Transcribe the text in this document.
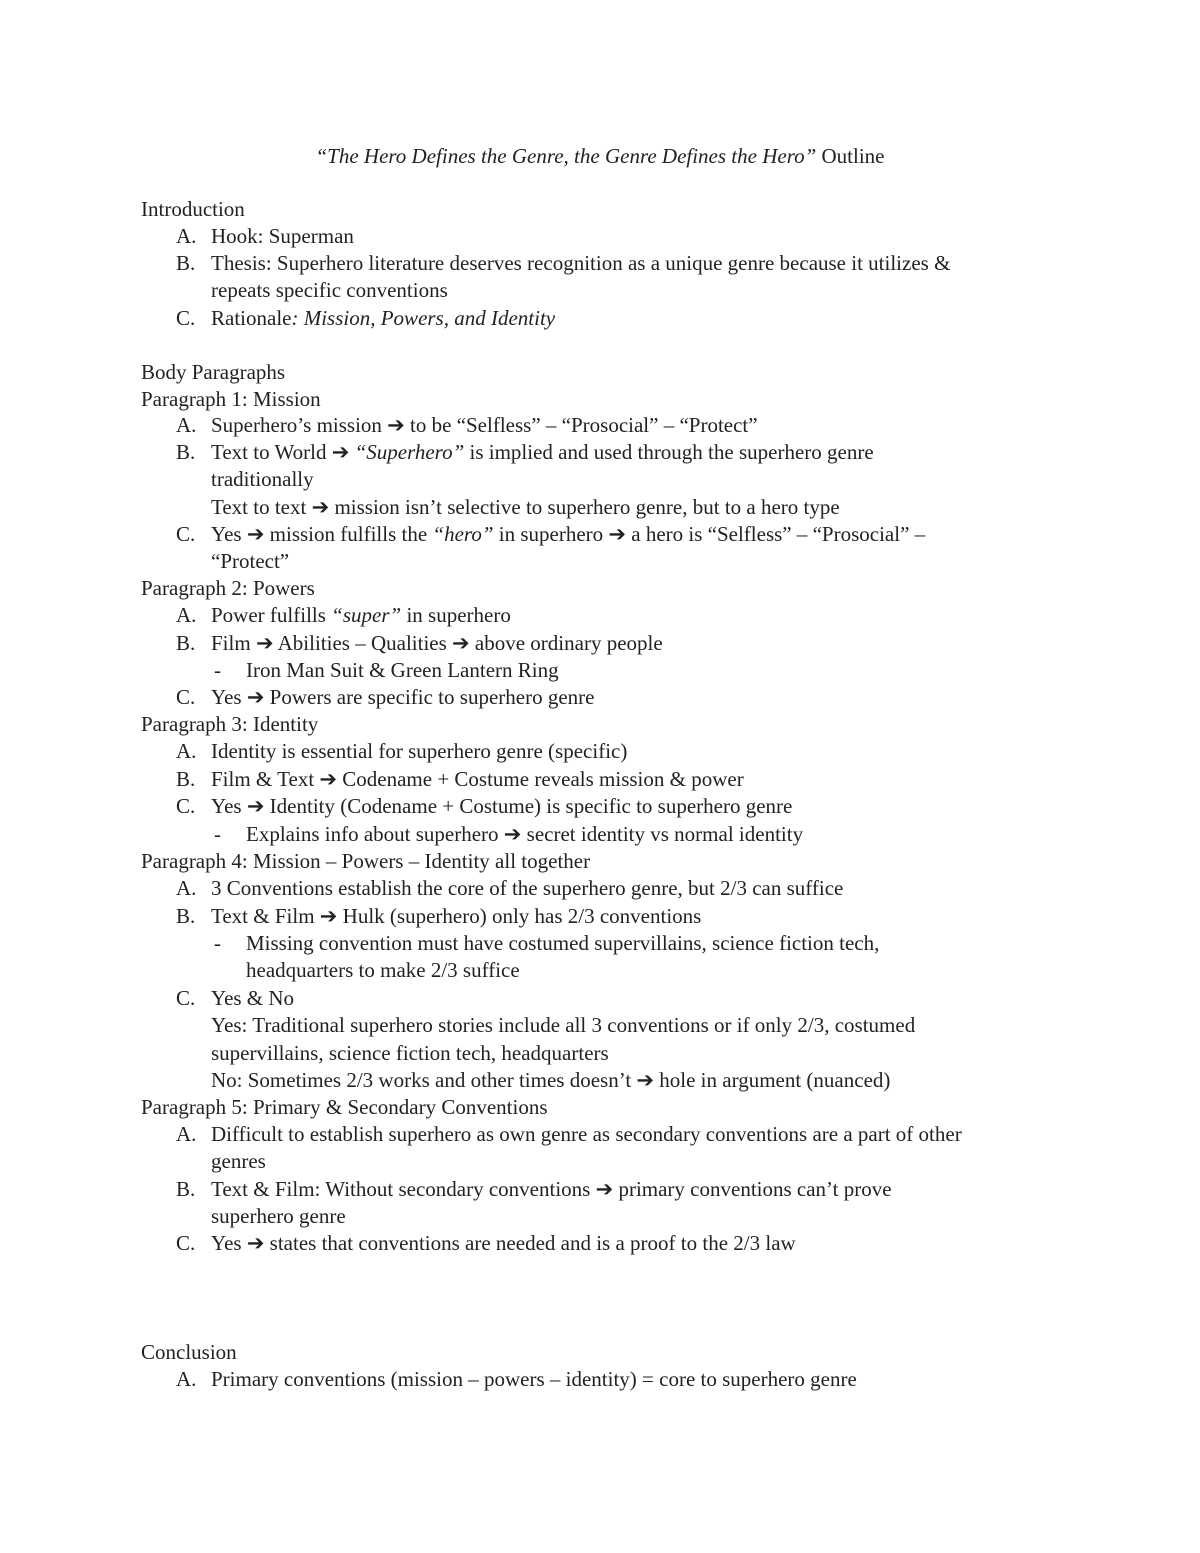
“The Hero Defines the Genre, the Genre Defines the Hero” Outline
Introduction
A. Hook: Superman
B. Thesis: Superhero literature deserves recognition as a unique genre because it utilizes &
repeats specific conventions
C. Rationale: Mission, Powers, and Identity
Body Paragraphs
Paragraph 1: Mission
A. Superhero’s mission ➔ to be “Selfless” – “Prosocial” – “Protect”
B. Text to World ➔ “Superhero” is implied and used through the superhero genre
traditionally
Text to text ➔ mission isn’t selective to superhero genre, but to a hero type
C. Yes ➔ mission fulfills the “hero” in superhero ➔ a hero is “Selfless” – “Prosocial” –
“Protect”
Paragraph 2: Powers
A. Power fulfills “super” in superhero
B. Film ➔ Abilities – Qualities ➔ above ordinary people
- Iron Man Suit & Green Lantern Ring
C. Yes ➔ Powers are specific to superhero genre
Paragraph 3: Identity
A. Identity is essential for superhero genre (specific)
B. Film & Text ➔ Codename + Costume reveals mission & power
C. Yes ➔ Identity (Codename + Costume) is specific to superhero genre
- Explains info about superhero ➔ secret identity vs normal identity
Paragraph 4: Mission – Powers – Identity all together
A. 3 Conventions establish the core of the superhero genre, but 2/3 can suffice
B. Text & Film ➔ Hulk (superhero) only has 2/3 conventions
- Missing convention must have costumed supervillains, science fiction tech,
headquarters to make 2/3 suffice
C. Yes & No
Yes: Traditional superhero stories include all 3 conventions or if only 2/3, costumed
supervillains, science fiction tech, headquarters
No: Sometimes 2/3 works and other times doesn’t ➔ hole in argument (nuanced)
Paragraph 5: Primary & Secondary Conventions
A. Difficult to establish superhero as own genre as secondary conventions are a part of other
genres
B. Text & Film: Without secondary conventions ➔ primary conventions can’t prove
superhero genre
C. Yes ➔ states that conventions are needed and is a proof to the 2/3 law
Conclusion
A. Primary conventions (mission – powers – identity) = core to superhero genre
